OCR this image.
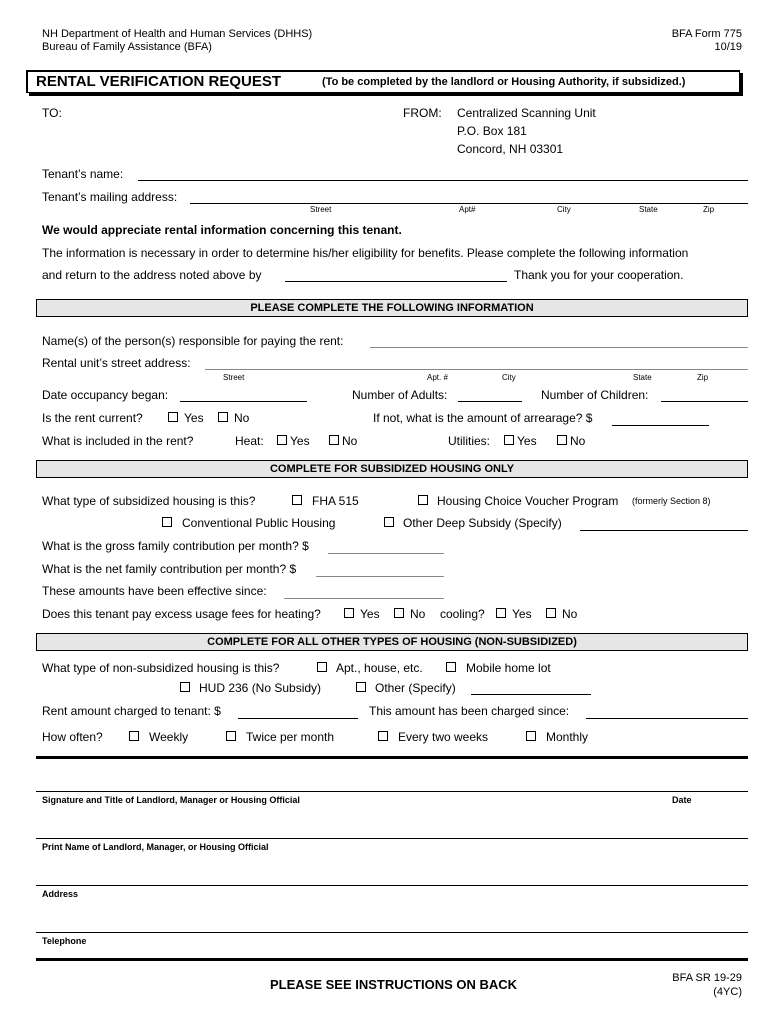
NH Department of Health and Human Services (DHHS)
Bureau of Family Assistance (BFA)
BFA Form 775
10/19
RENTAL VERIFICATION REQUEST	(To be completed by the landlord or Housing Authority, if subsidized.)
TO:	FROM: Centralized Scanning Unit
P.O. Box 181
Concord, NH 03301
Tenant’s name:
Tenant’s mailing address:
Street	Apt#	City	State	Zip
We would appreciate rental information concerning this tenant.
The information is necessary in order to determine his/her eligibility for benefits. Please complete the following information
and return to the address noted above by	Thank you for your cooperation.
PLEASE COMPLETE THE FOLLOWING INFORMATION
Name(s) of the person(s) responsible for paying the rent:
Rental unit’s street address:
Street	Apt. #	City	State	Zip
Date occupancy began:	Number of Adults:	Number of Children:
Is the rent current?	Yes	No	If not, what is the amount of arrearage? $
What is included in the rent?	Heat: Yes	No	Utilities: Yes	No
COMPLETE FOR SUBSIDIZED HOUSING ONLY
What type of subsidized housing is this?	FHA 515	Housing Choice Voucher Program (formerly Section 8)
Conventional Public Housing	Other Deep Subsidy (Specify)
What is the gross family contribution per month? $
What is the net family contribution per month? $
These amounts have been effective since:
Does this tenant pay excess usage fees for heating?	Yes	No cooling? Yes	No
COMPLETE FOR ALL OTHER TYPES OF HOUSING (NON-SUBSIDIZED)
What type of non-subsidized housing is this?	Apt., house, etc.	Mobile home lot
HUD 236 (No Subsidy)	Other (Specify)
Rent amount charged to tenant: $	This amount has been charged since:
How often?	Weekly	Twice per month	Every two weeks	Monthly
Signature and Title of Landlord, Manager or Housing Official	Date
Print Name of Landlord, Manager, or Housing Official
Address
Telephone
PLEASE SEE INSTRUCTIONS ON BACK	BFA SR 19-29
(4YC)
